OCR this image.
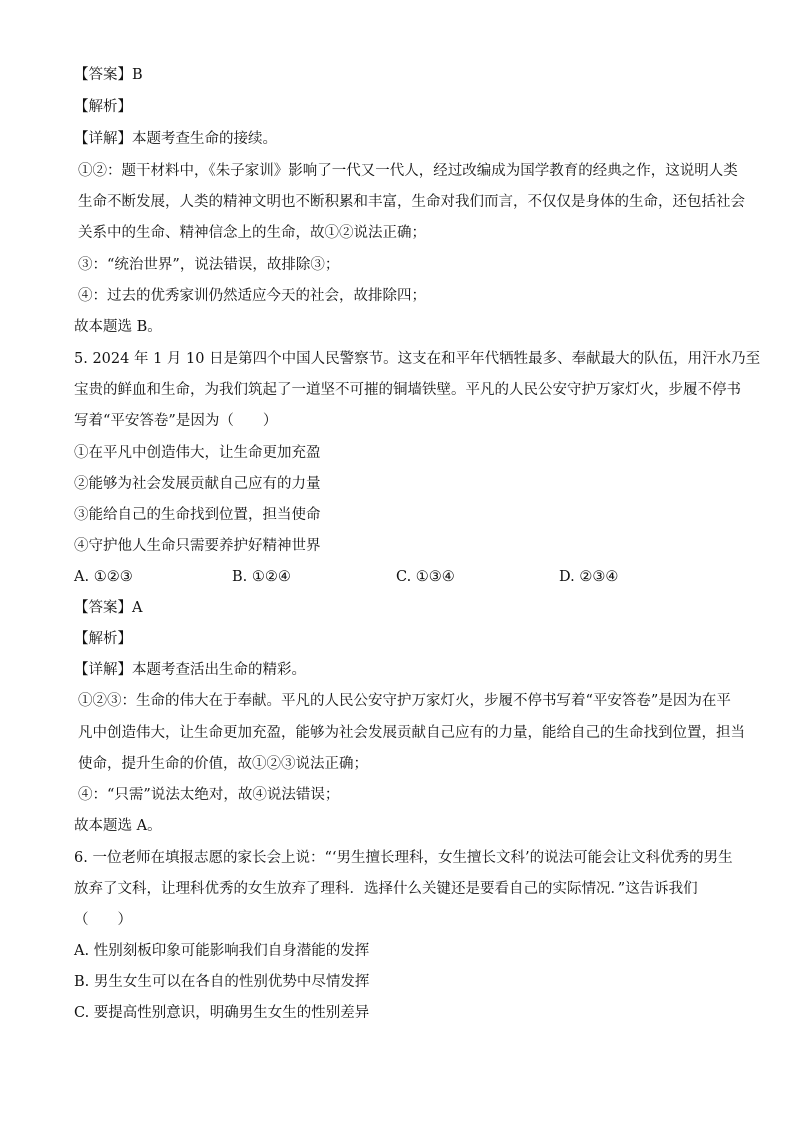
【答案】B
【解析】
【详解】本题考查生命的接续。
①②：题干材料中，《朱子家训》影响了一代又一代人，经过改编成为国学教育的经典之作，这说明人类
生命不断发展，人类的精神文明也不断积累和丰富，生命对我们而言，不仅仅是身体的生命，还包括社会
关系中的生命、精神信念上的生命，故①②说法正确；
③：“统治世界”，说法错误，故排除③；
④：过去的优秀家训仍然适应今天的社会，故排除四；
故本题选 B。
5. 2024 年 1 月 10 日是第四个中国人民警察节。这支在和平年代牺牲最多、奉献最大的队伍，用汗水乃至
宝贵的鲜血和生命，为我们筑起了一道坚不可摧的铜墙铁壁。平凡的人民公安守护万家灯火，步履不停书
写着“平安答卷”是因为（　　）
①在平凡中创造伟大，让生命更加充盈
②能够为社会发展贡献自己应有的力量
③能给自己的生命找到位置，担当使命
④守护他人生命只需要养护好精神世界
A. ①②③	B. ①②④	C. ①③④	D. ②③④
【答案】A
【解析】
【详解】本题考查活出生命的精彩。
①②③：生命的伟大在于奉献。平凡的人民公安守护万家灯火，步履不停书写着“平安答卷”是因为在平
凡中创造伟大，让生命更加充盈，能够为社会发展贡献自己应有的力量，能给自己的生命找到位置，担当
使命，提升生命的价值，故①②③说法正确；
④：“只需”说法太绝对，故④说法错误；
故本题选 A。
6. 一位老师在填报志愿的家长会上说：“‘男生擅长理科，女生擅长文科’的说法可能会让文科优秀的男生
放弃了文科，让理科优秀的女生放弃了理科．选择什么关键还是要看自己的实际情况．”这告诉我们
（　　）
A. 性别刻板印象可能影响我们自身潜能的发挥
B. 男生女生可以在各自的性别优势中尽情发挥
C. 要提高性别意识，明确男生女生的性别差异
